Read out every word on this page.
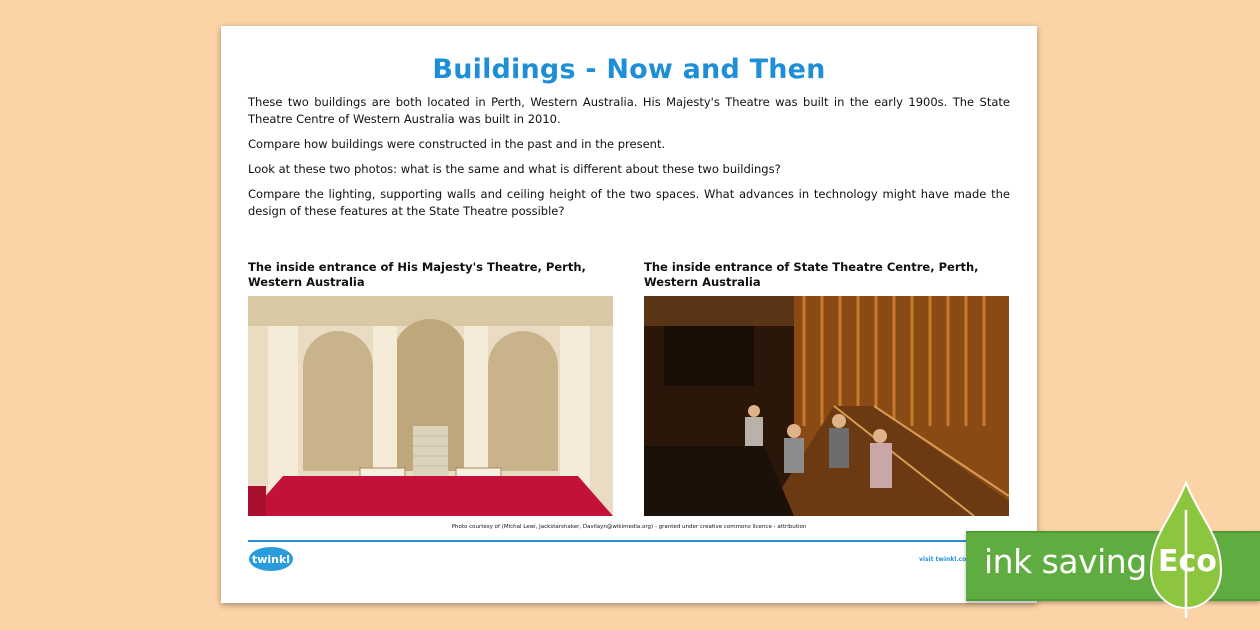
Buildings - Now and Then

These two buildings are both located in Perth, Western Australia. His Majesty's Theatre was built in the early 1900s. The State Theatre Centre of Western Australia was built in 2010.

Compare how buildings were constructed in the past and in the present.

Look at these two photos: what is the same and what is different about these two buildings?

Compare the lighting, supporting walls and ceiling height of the two spaces. What advances in technology might have made the design of these features at the State Theatre possible?

The inside entrance of His Majesty's Theatre, Perth, Western Australia
The inside entrance of State Theatre Centre, Perth, Western Australia
Photo courtesy of (Michal Lewi, Jackstarshaker, Davilayn@wikimedia.org) - granted under creative commons licence - attribution
twinkl	visit twinkl.co ink saving Eco
